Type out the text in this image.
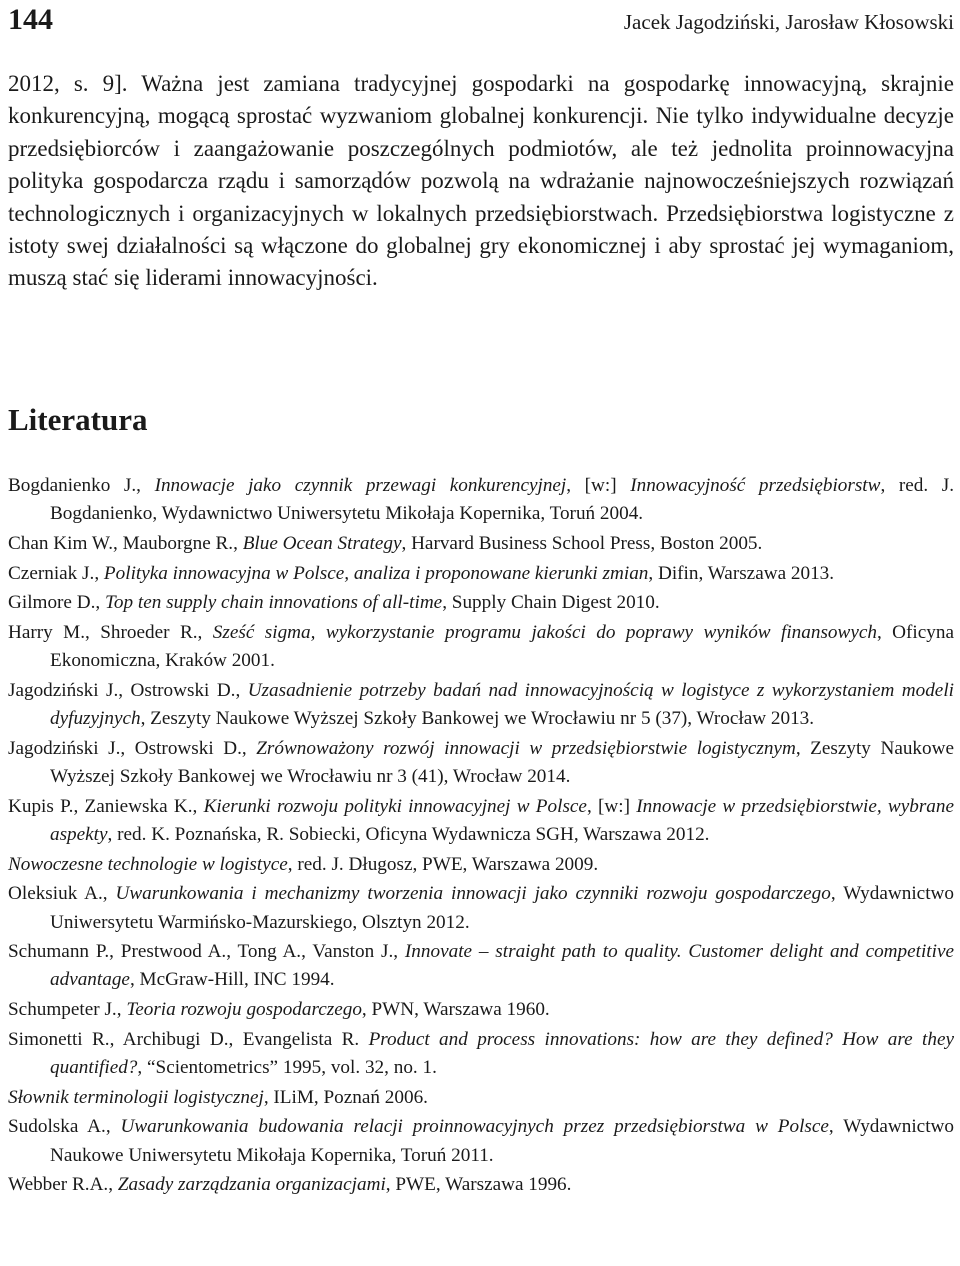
144	Jacek Jagodziński, Jarosław Kłosowski

2012, s. 9]. Ważna jest zamiana tradycyjnej gospodarki na gospodarkę innowacyjną, skrajnie konkurencyjną, mogącą sprostać wyzwaniom globalnej konkurencji. Nie tylko indywidualne decyzje przedsiębiorców i zaangażowanie poszczególnych podmiotów, ale też jednolita proinnowacyjna polityka gospodarcza rządu i samorządów pozwolą na wdrażanie najnowocześniejszych rozwiązań technologicznych i organizacyjnych w lokalnych przedsiębiorstwach. Przedsiębiorstwa logistyczne z istoty swej działalności są włączone do globalnej gry ekonomicznej i aby sprostać jej wymaganiom, muszą stać się liderami innowacyjności.

Literatura
Bogdanienko J., Innowacje jako czynnik przewagi konkurencyjnej, [w:] Innowacyjność przedsiębiorstw, red. J. Bogdanienko, Wydawnictwo Uniwersytetu Mikołaja Kopernika, Toruń 2004.
Chan Kim W., Mauborgne R., Blue Ocean Strategy, Harvard Business School Press, Boston 2005.
Czerniak J., Polityka innowacyjna w Polsce, analiza i proponowane kierunki zmian, Difin, Warszawa 2013.
Gilmore D., Top ten supply chain innovations of all-time, Supply Chain Digest 2010.
Harry M., Shroeder R., Sześć sigma, wykorzystanie programu jakości do poprawy wyników finansowych, Oficyna Ekonomiczna, Kraków 2001.
Jagodziński J., Ostrowski D., Uzasadnienie potrzeby badań nad innowacyjnością w logistyce z wykorzystaniem modeli dyfuzyjnych, Zeszyty Naukowe Wyższej Szkoły Bankowej we Wrocławiu nr 5 (37), Wrocław 2013.
Jagodziński J., Ostrowski D., Zrównoważony rozwój innowacji w przedsiębiorstwie logistycznym, Zeszyty Naukowe Wyższej Szkoły Bankowej we Wrocławiu nr 3 (41), Wrocław 2014.
Kupis P., Zaniewska K., Kierunki rozwoju polityki innowacyjnej w Polsce, [w:] Innowacje w przedsiębiorstwie, wybrane aspekty, red. K. Poznańska, R. Sobiecki, Oficyna Wydawnicza SGH, Warszawa 2012.
Nowoczesne technologie w logistyce, red. J. Długosz, PWE, Warszawa 2009.
Oleksiuk A., Uwarunkowania i mechanizmy tworzenia innowacji jako czynniki rozwoju gospodarczego, Wydawnictwo Uniwersytetu Warmińsko-Mazurskiego, Olsztyn 2012.
Schumann P., Prestwood A., Tong A., Vanston J., Innovate – straight path to quality. Customer delight and competitive advantage, McGraw-Hill, INC 1994.
Schumpeter J., Teoria rozwoju gospodarczego, PWN, Warszawa 1960.
Simonetti R., Archibugi D., Evangelista R. Product and process innovations: how are they defined? How are they quantified?, “Scientometrics” 1995, vol. 32, no. 1.
Słownik terminologii logistycznej, ILiM, Poznań 2006.
Sudolska A., Uwarunkowania budowania relacji proinnowacyjnych przez przedsiębiorstwa w Polsce, Wydawnictwo Naukowe Uniwersytetu Mikołaja Kopernika, Toruń 2011.
Webber R.A., Zasady zarządzania organizacjami, PWE, Warszawa 1996.
